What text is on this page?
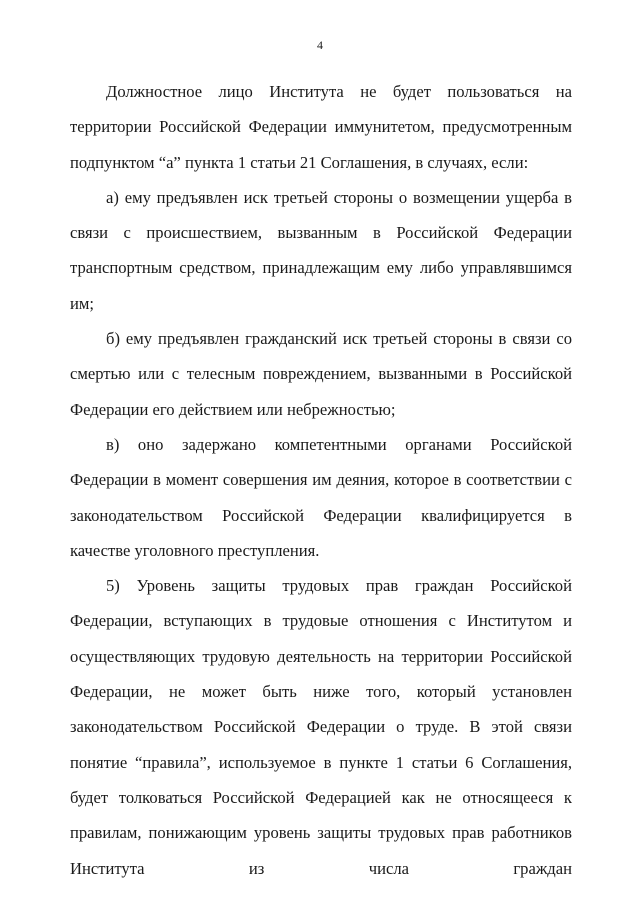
4

Должностное лицо Института не будет пользоваться на территории Российской Федерации иммунитетом, предусмотренным подпунктом “а” пункта 1 статьи 21 Соглашения, в случаях, если:

а) ему предъявлен иск третьей стороны о возмещении ущерба в связи с происшествием, вызванным в Российской Федерации транспортным средством, принадлежащим ему либо управлявшимся им;

б) ему предъявлен гражданский иск третьей стороны в связи со смертью или с телесным повреждением, вызванными в Российской Федерации его действием или небрежностью;

в) оно задержано компетентными органами Российской Федерации в момент совершения им деяния, которое в соответствии с законодательством Российской Федерации квалифицируется в качестве уголовного преступления.

5) Уровень защиты трудовых прав граждан Российской Федерации, вступающих в трудовые отношения с Институтом и осуществляющих трудовую деятельность на территории Российской Федерации, не может быть ниже того, который установлен законодательством Российской Федерации о труде. В этой связи понятие “правила”, используемое в пункте 1 статьи 6 Соглашения, будет толковаться Российской Федерацией как не относящееся к правилам, понижающим уровень защиты трудовых прав работников Института из числа граждан
